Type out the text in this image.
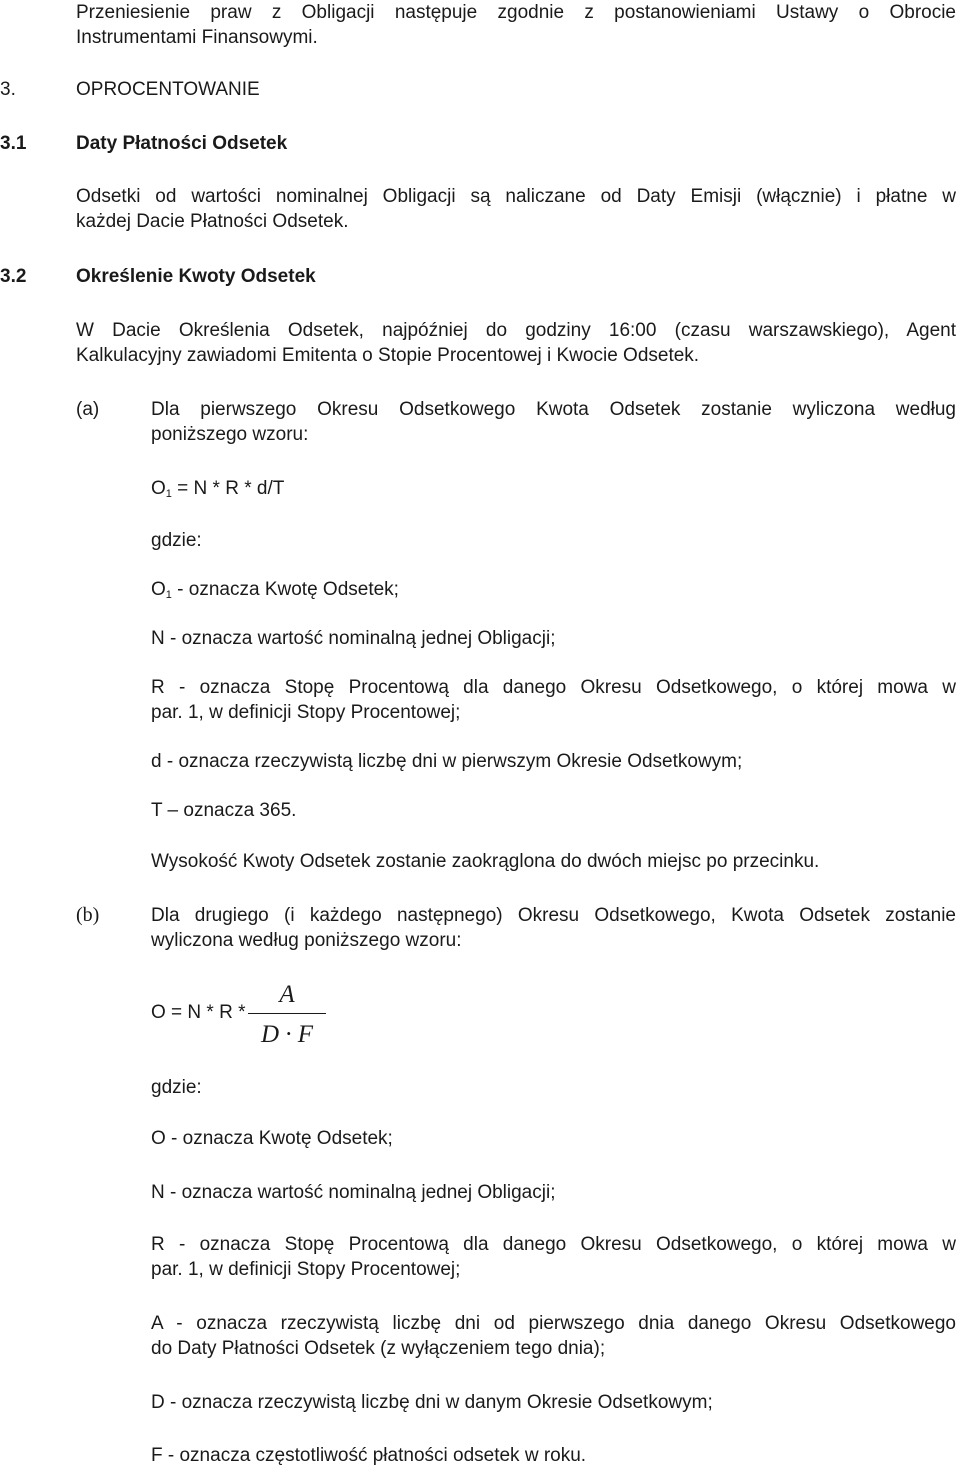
Przeniesienie praw z Obligacji następuje zgodnie z postanowieniami Ustawy o Obrocie

Instrumentami Finansowymi.

3.	OPROCENTOWANIE

3.1	Daty Płatności Odsetek

Odsetki od wartości nominalnej Obligacji są naliczane od Daty Emisji (włącznie) i płatne w

każdej Dacie Płatności Odsetek.

3.2	Określenie Kwoty Odsetek

W Dacie Określenia Odsetek, najpóźniej do godziny 16:00 (czasu warszawskiego), Agent

Kalkulacyjny zawiadomi Emitenta o Stopie Procentowej i Kwocie Odsetek.

(a)	Dla pierwszego Okresu Odsetkowego Kwota Odsetek zostanie wyliczona według

poniższego wzoru:

$O_1 = N * R * d/T$

gdzie:

$O_1$ - oznacza Kwotę Odsetek;

N - oznacza wartość nominalną jednej Obligacji;

R - oznacza Stopę Procentową dla danego Okresu Odsetkowego, o której mowa w

par. 1, w definicji Stopy Procentowej;

d - oznacza rzeczywistą liczbę dni w pierwszym Okresie Odsetkowym;

T – oznacza 365.

Wysokość Kwoty Odsetek zostanie zaokrąglona do dwóch miejsc po przecinku.

(b)	Dla drugiego (i każdego następnego) Okresu Odsetkowego, Kwota Odsetek zostanie

wyliczona według poniższego wzoru:

O = N * R *

A
D · F

gdzie:

O - oznacza Kwotę Odsetek;

N - oznacza wartość nominalną jednej Obligacji;

R - oznacza Stopę Procentową dla danego Okresu Odsetkowego, o której mowa w

par. 1, w definicji Stopy Procentowej;

A - oznacza rzeczywistą liczbę dni od pierwszego dnia danego Okresu Odsetkowego

do Daty Płatności Odsetek (z wyłączeniem tego dnia);

D - oznacza rzeczywistą liczbę dni w danym Okresie Odsetkowym;

F - oznacza częstotliwość płatności odsetek w roku.
